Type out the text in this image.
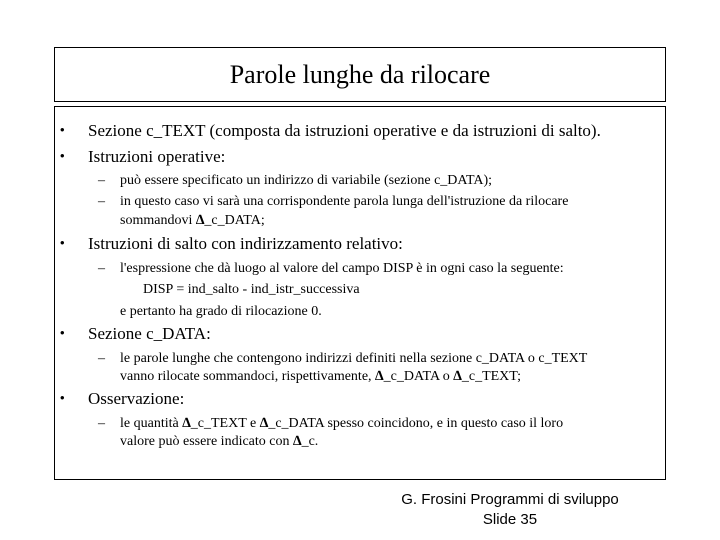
Parole lunghe da rilocare
• Sezione c_TEXT (composta da istruzioni operative e da istruzioni di salto).
• Istruzioni operative:
– può essere specificato un indirizzo di variabile (sezione c_DATA);
– in questo caso vi sarà una corrispondente parola lunga dell'istruzione da rilocare
sommandovi ∆_c_DATA;
• Istruzioni di salto con indirizzamento relativo:
– l'espressione che dà luogo al valore del campo DISP è in ogni caso la seguente:
DISP = ind_salto - ind_istr_successiva
e pertanto ha grado di rilocazione 0.
• Sezione c_DATA:
– le parole lunghe che contengono indirizzi definiti nella sezione c_DATA o c_TEXT
vanno rilocate sommandoci, rispettivamente, ∆_c_DATA o ∆_c_TEXT;
• Osservazione:
– le quantità ∆_c_TEXT e ∆_c_DATA spesso coincidono, e in questo caso il loro
valore può essere indicato con ∆_c.
G. Frosini Programmi di sviluppo
Slide 35
